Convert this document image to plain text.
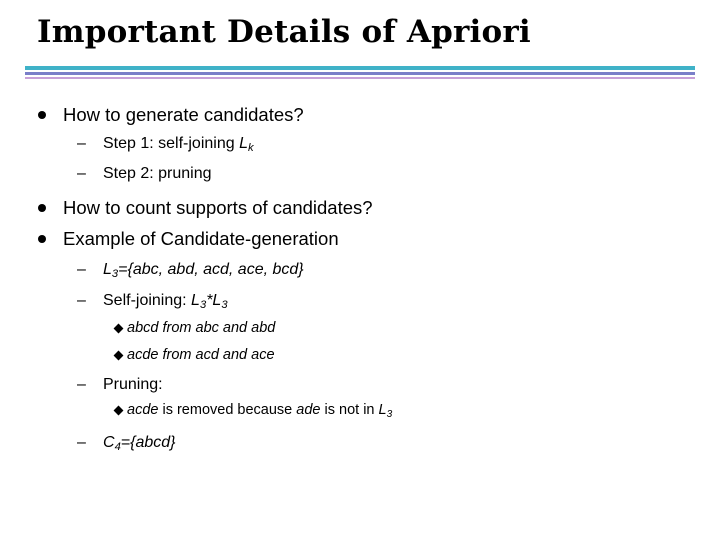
Important Details of Apriori
How to generate candidates?
– Step 1: self-joining $L_k$
– Step 2: pruning
How to count supports of candidates?
Example of Candidate-generation
– $L_3=\{abc$, abd, acd, ace, bcd}
– Self-joining: $L_3*L_3$
abcd from abc and abd
acde from acd and ace
– Pruning:
acde is removed because ade is not in $L_3$
– $C_4=\{abcd\}$
